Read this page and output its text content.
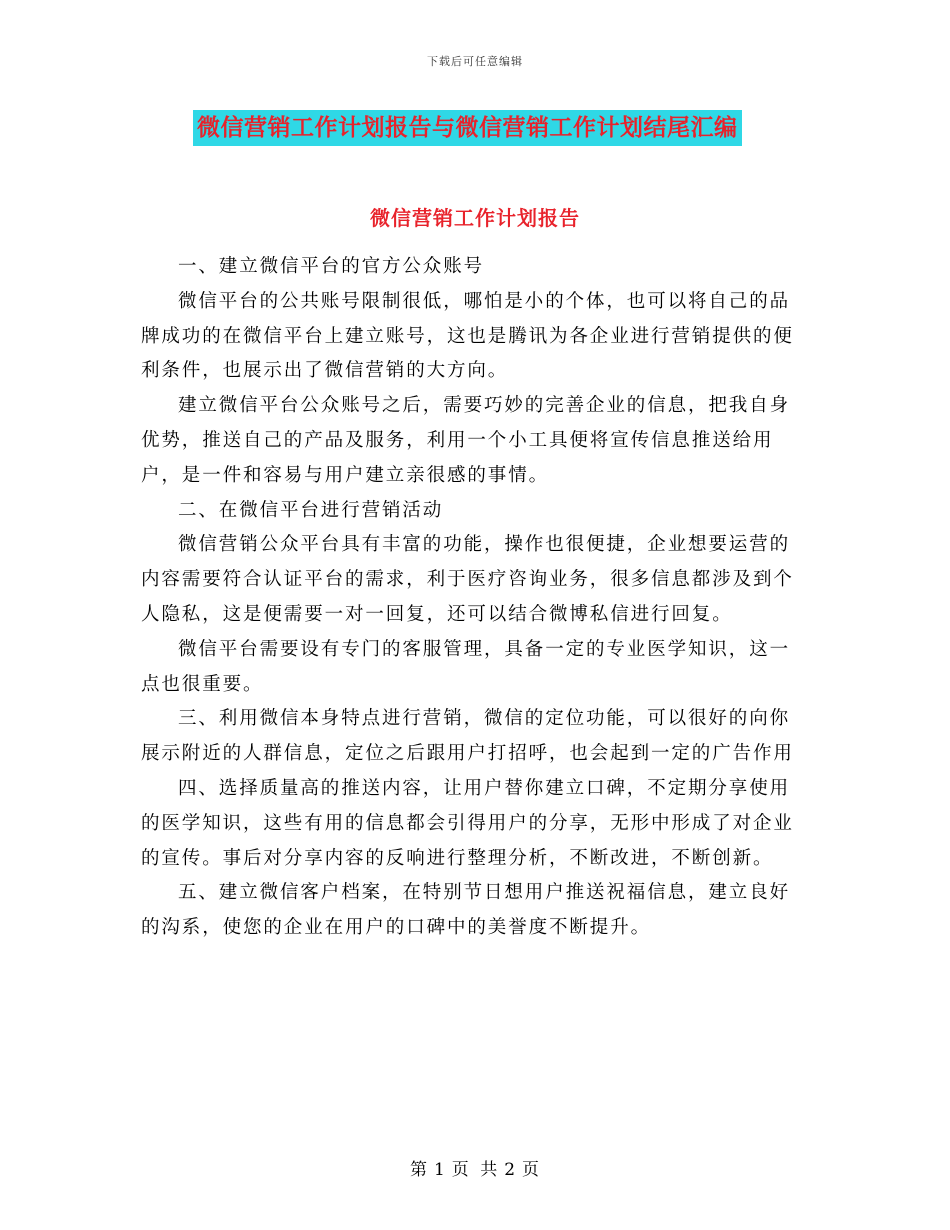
下载后可任意编辑
微信营销工作计划报告与微信营销工作计划结尾汇编
微信营销工作计划报告

一、建立微信平台的官方公众账号

微信平台的公共账号限制很低，哪怕是小的个体，也可以将自己的品牌成功的在微信平台上建立账号，这也是腾讯为各企业进行营销提供的便利条件，也展示出了微信营销的大方向。

建立微信平台公众账号之后，需要巧妙的完善企业的信息，把我自身优势，推送自己的产品及服务，利用一个小工具便将宣传信息推送给用户，是一件和容易与用户建立亲很感的事情。

二、在微信平台进行营销活动

微信营销公众平台具有丰富的功能，操作也很便捷，企业想要运营的内容需要符合认证平台的需求，利于医疗咨询业务，很多信息都涉及到个人隐私，这是便需要一对一回复，还可以结合微博私信进行回复。

微信平台需要设有专门的客服管理，具备一定的专业医学知识，这一点也很重要。

三、利用微信本身特点进行营销，微信的定位功能，可以很好的向你展示附近的人群信息，定位之后跟用户打招呼，也会起到一定的广告作用

四、选择质量高的推送内容，让用户替你建立口碑，不定期分享使用的医学知识，这些有用的信息都会引得用户的分享，无形中形成了对企业的宣传。事后对分享内容的反响进行整理分析，不断改进，不断创新。

五、建立微信客户档案，在特别节日想用户推送祝福信息，建立良好的沟系，使您的企业在用户的口碑中的美誉度不断提升。

第 1 页 共 2 页
